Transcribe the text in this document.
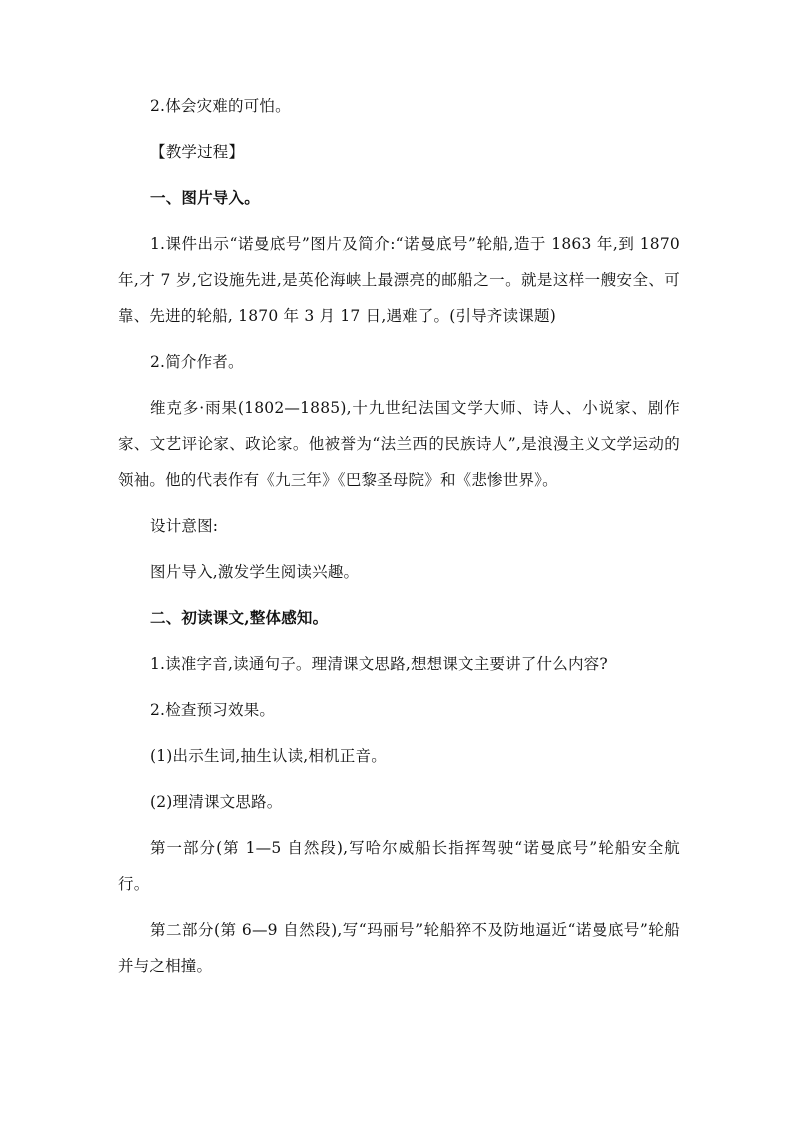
2.体会灾难的可怕。

【教学过程】

一、图片导入。

1.课件出示“诺曼底号”图片及简介:“诺曼底号”轮船,造于 1863 年,到 1870 年,才 7 岁,它设施先进,是英伦海峡上最漂亮的邮船之一。就是这样一艘安全、可靠、先进的轮船, 1870 年 3 月 17 日,遇难了。(引导齐读课题)

2.简介作者。

维克多·雨果(1802—1885),十九世纪法国文学大师、诗人、小说家、剧作家、文艺评论家、政论家。他被誉为“法兰西的民族诗人”,是浪漫主义文学运动的领袖。他的代表作有《九三年》《巴黎圣母院》和《悲惨世界》。

设计意图:

图片导入,激发学生阅读兴趣。

二、初读课文,整体感知。

1.读准字音,读通句子。理清课文思路,想想课文主要讲了什么内容?

2.检查预习效果。

(1)出示生词,抽生认读,相机正音。

(2)理清课文思路。

第一部分(第 1—5 自然段),写哈尔威船长指挥驾驶“诺曼底号”轮船安全航行。

第二部分(第 6—9 自然段),写“玛丽号”轮船猝不及防地逼近“诺曼底号”轮船并与之相撞。
